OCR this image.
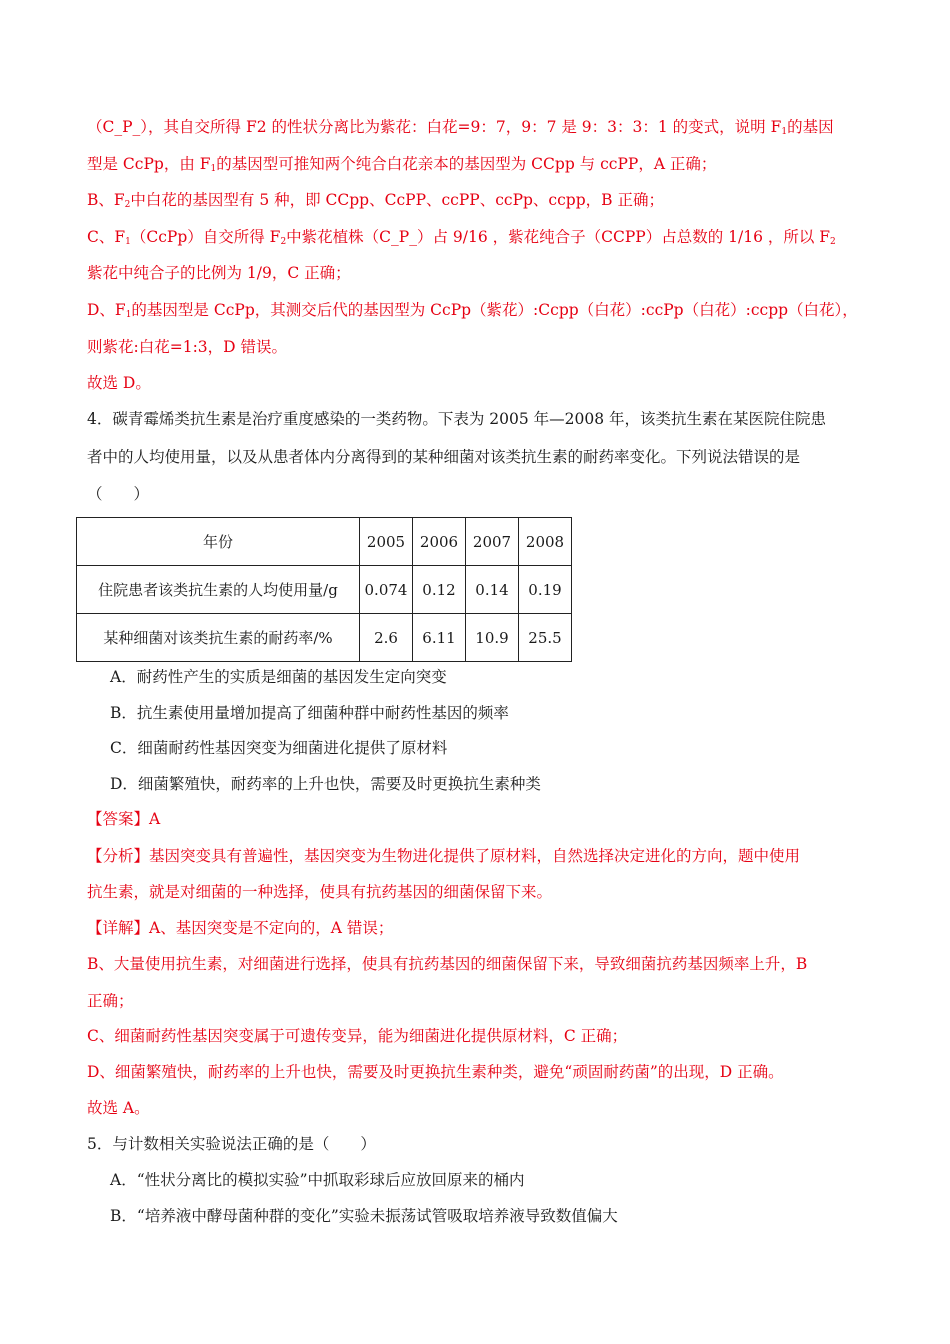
（C_P_），其自交所得 F2 的性状分离比为紫花：白花=9：7，9：7 是 9：3：3：1 的变式，说明 $F_1$的基因
型是 CcPp，由 $F_1$的基因型可推知两个纯合白花亲本的基因型为 CCpp 与 ccPP，A 正确；
B、$F_2$中白花的基因型有 5 种，即 CCpp、CcPP、ccPP、ccPp、ccpp，B 正确；
C、$F_1(CcPp)$自交所得 $F_2$中紫花植株（C_P_）占 9/16 ，紫花纯合子（CCPP）占总数的 1/16 ，所以 $F_2$
紫花中纯合子的比例为 1/9，C 正确；
D、$F_1$的基因型是 CcPp，其测交后代的基因型为 CcPp（紫花）:Ccpp（白花）:ccPp（白花）:ccpp（白花），
则紫花:白花=1:3，D 错误。
故选 D。
4．碳青霉烯类抗生素是治疗重度感染的一类药物。下表为 2005 年—2008 年，该类抗生素在某医院住院患
者中的人均使用量，以及从患者体内分离得到的某种细菌对该类抗生素的耐药率变化。下列说法错误的是
（　　）
年份	2005	2006	2007	2008
住院患者该类抗生素的人均使用量/g	0.074	0.12	0.14	0.19
某种细菌对该类抗生素的耐药率/%	2.6	6.11	10.9	25.5
A．耐药性产生的实质是细菌的基因发生定向突变
B．抗生素使用量增加提高了细菌种群中耐药性基因的频率
C．细菌耐药性基因突变为细菌进化提供了原材料
D．细菌繁殖快，耐药率的上升也快，需要及时更换抗生素种类
【答案】A
【分析】基因突变具有普遍性，基因突变为生物进化提供了原材料，自然选择决定进化的方向，题中使用
抗生素，就是对细菌的一种选择，使具有抗药基因的细菌保留下来。
【详解】A、基因突变是不定向的，A 错误；
B、大量使用抗生素，对细菌进行选择，使具有抗药基因的细菌保留下来，导致细菌抗药基因频率上升，B
正确；
C、细菌耐药性基因突变属于可遗传变异，能为细菌进化提供原材料，C 正确；
D、细菌繁殖快，耐药率的上升也快，需要及时更换抗生素种类，避免“顽固耐药菌”的出现，D 正确。
故选 A。
5．与计数相关实验说法正确的是（　　）
A．“性状分离比的模拟实验”中抓取彩球后应放回原来的桶内
B．“培养液中酵母菌种群的变化”实验未振荡试管吸取培养液导致数值偏大
